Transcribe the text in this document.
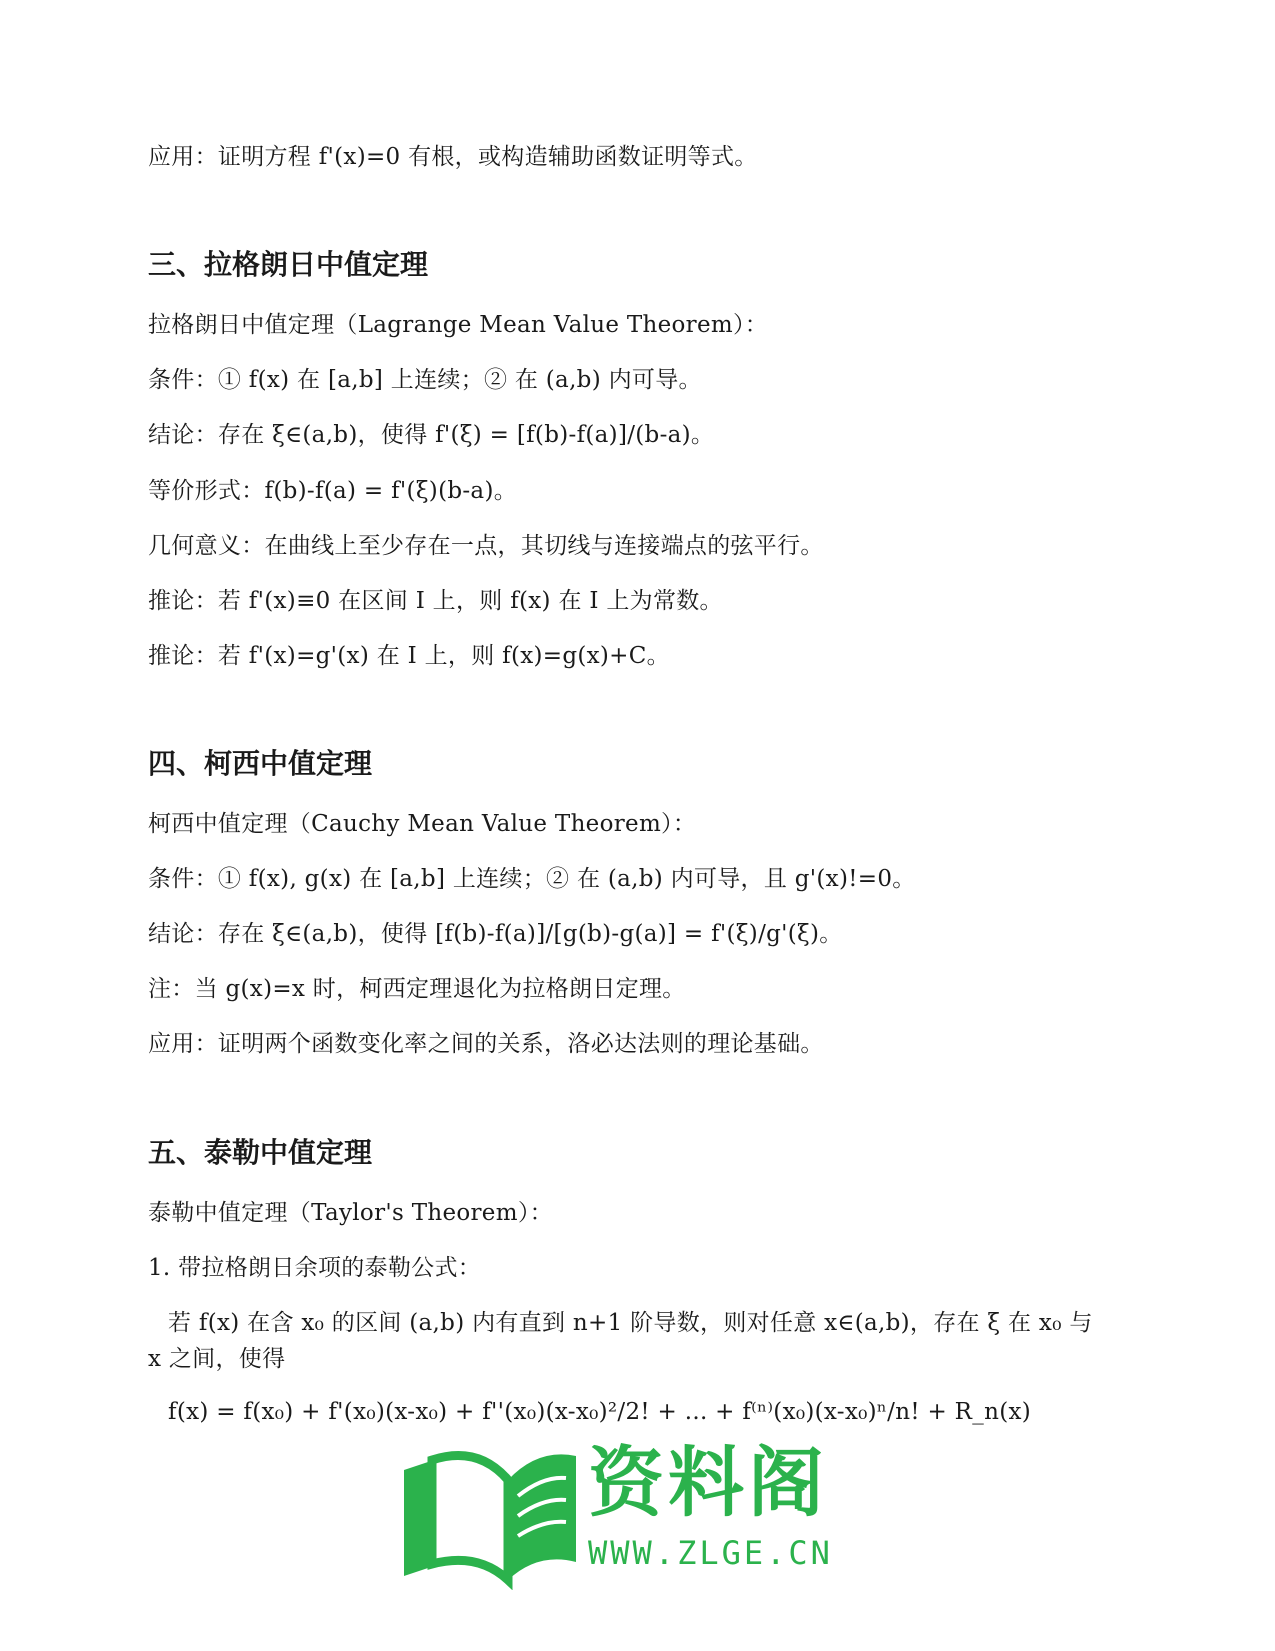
应用：证明方程 f'(x)=0 有根，或构造辅助函数证明等式。
三、拉格朗日中值定理
拉格朗日中值定理（Lagrange Mean Value Theorem）：
条件：① f(x) 在 [a,b] 上连续；② 在 (a,b) 内可导。
结论：存在 ξ∈(a,b)，使得 f'(ξ) = [f(b)-f(a)]/(b-a)。
等价形式：f(b)-f(a) = f'(ξ)(b-a)。
几何意义：在曲线上至少存在一点，其切线与连接端点的弦平行。
推论：若 f'(x)≡0 在区间 I 上，则 f(x) 在 I 上为常数。
推论：若 f'(x)=g'(x) 在 I 上，则 f(x)=g(x)+C。
四、柯西中值定理
柯西中值定理（Cauchy Mean Value Theorem）：
条件：① f(x), g(x) 在 [a,b] 上连续；② 在 (a,b) 内可导，且 g'(x)!=0。
结论：存在 ξ∈(a,b)，使得 [f(b)-f(a)]/[g(b)-g(a)] = f'(ξ)/g'(ξ)。
注：当 g(x)=x 时，柯西定理退化为拉格朗日定理。
应用：证明两个函数变化率之间的关系，洛必达法则的理论基础。
五、泰勒中值定理
泰勒中值定理（Taylor's Theorem）：
1. 带拉格朗日余项的泰勒公式：
若 f(x) 在含 x₀ 的区间 (a,b) 内有直到 n+1 阶导数，则对任意 x∈(a,b)，存在 ξ 在 x₀ 与 x 之间，使得
f(x) = f(x₀) + f'(x₀)(x-x₀) + f''(x₀)(x-x₀)²/2! + ... + f⁽ⁿ⁾(x₀)(x-x₀)ⁿ/n! + R_n(x)
资料阁
WWW.ZLGE.CN
